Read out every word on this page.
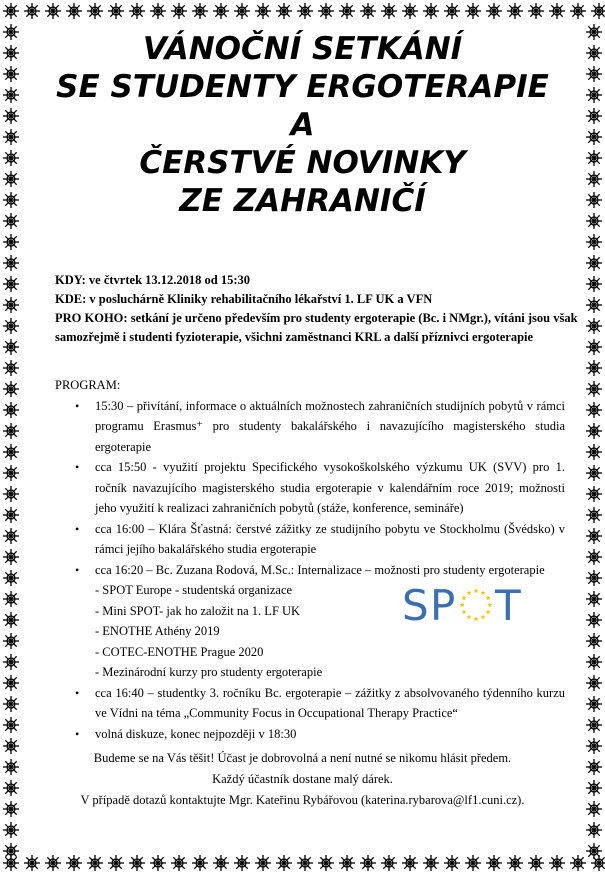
VÁNOČNÍ SETKÁNÍ
SE STUDENTY ERGOTERAPIE
A
ČERSTVÉ NOVINKY
ZE ZAHRANIČÍ
KDY: ve čtvrtek 13.12.2018 od 15:30
KDE: v posluchárně Kliniky rehabilitačního lékařství 1. LF UK a VFN
PRO KOHO: setkání je určeno především pro studenty ergoterapie (Bc. i NMgr.), vítáni jsou však
samozřejmě i studenti fyzioterapie, všichni zaměstnanci KRL a další příznivci ergoterapie
PROGRAM:
• 15:30 – přivítání, informace o aktuálních možnostech zahraničních studijních pobytů v rámci programu Erasmus⁺ pro studenty bakalářského i navazujícího magisterského studia ergoterapie
• cca 15:50 - využití projektu Specifického vysokoškolského výzkumu UK (SVV) pro 1. ročník navazujícího magisterského studia ergoterapie v kalendářním roce 2019; možnosti jeho využití k realizaci zahraničních pobytů (stáže, konference, semináře)
• cca 16:00 – Klára Šťastná: čerstvé zážitky ze studijního pobytu ve Stockholmu (Švédsko) v rámci jejího bakalářského studia ergoterapie
• cca 16:20 – Bc. Zuzana Rodová, M.Sc.: Internalizace – možnosti pro studenty ergoterapie
- SPOT Europe - studentská organizace
- Mini SPOT- jak ho založit na 1. LF UK
- ENOTHE Athény 2019
- COTEC-ENOTHE Prague 2020
- Mezinárodní kurzy pro studenty ergoterapie
• cca 16:40 – studentky 3. ročníku Bc. ergoterapie – zážitky z absolvovaného týdenního kurzu ve Vídni na téma „Community Focus in Occupational Therapy Practice“
• volná diskuze, konec nejpozději v 18:30
S P T
Budeme se na Vás těšit! Účast je dobrovolná a není nutné se nikomu hlásit předem.
Každý účastník dostane malý dárek.
V případě dotazů kontaktujte Mgr. Kateřinu Rybářovou (katerina.rybarova@lf1.cuni.cz).
